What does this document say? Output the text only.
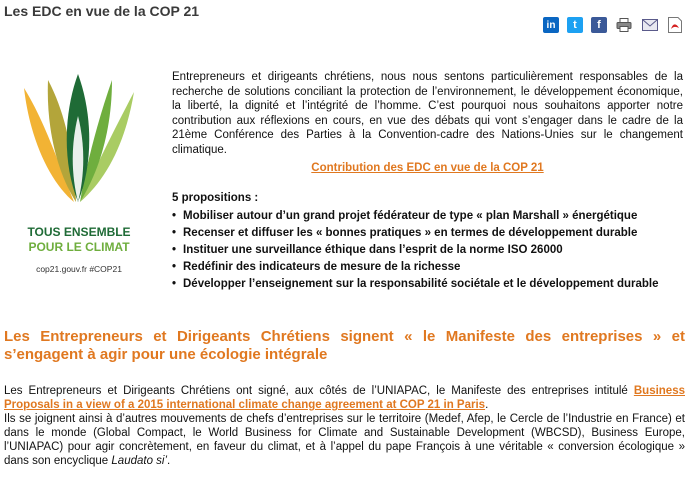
Les EDC en vue de la COP 21
in	t	f
TOUS ENSEMBLE
POUR LE CLIMAT
cop21.gouv.fr #COP21

Entrepreneurs et dirigeants chrétiens, nous nous sentons particulièrement responsables de la recherche de solutions conciliant la protection de l’environnement, le développement économique, la liberté, la dignité et l’intégrité de l’homme. C’est pourquoi nous souhaitons apporter notre contribution aux réflexions en cours, en vue des débats qui vont s’engager dans le cadre de la 21ème Conférence des Parties à la Convention-cadre des Nations-Unies sur le changement climatique.

Contribution des EDC en vue de la COP 21
5 propositions :
• Mobiliser autour d’un grand projet fédérateur de type « plan Marshall » énergétique
• Recenser et diffuser les « bonnes pratiques » en termes de développement durable
• Instituer une surveillance éthique dans l’esprit de la norme ISO 26000
• Redéfinir des indicateurs de mesure de la richesse
• Développer l’enseignement sur la responsabilité sociétale et le développement durable
Les Entrepreneurs et Dirigeants Chrétiens signent « le Manifeste des entreprises » et s’engagent à agir pour une écologie intégrale
Les Entrepreneurs et Dirigeants Chrétiens ont signé, aux côtés de l’UNIAPAC, le Manifeste des entreprises intitulé Business Proposals in a view of a 2015 international climate change agreement at COP 21 in Paris.
Ils se joignent ainsi à d’autres mouvements de chefs d’entreprises sur le territoire (Medef, Afep, le Cercle de l’Industrie en France) et dans le monde (Global Compact, le World Business for Climate and Sustainable Development (WBCSD), Business Europe, l’UNIAPAC) pour agir concrètement, en faveur du climat, et à l’appel du pape François à une véritable « conversion écologique » dans son encyclique Laudato si’.
